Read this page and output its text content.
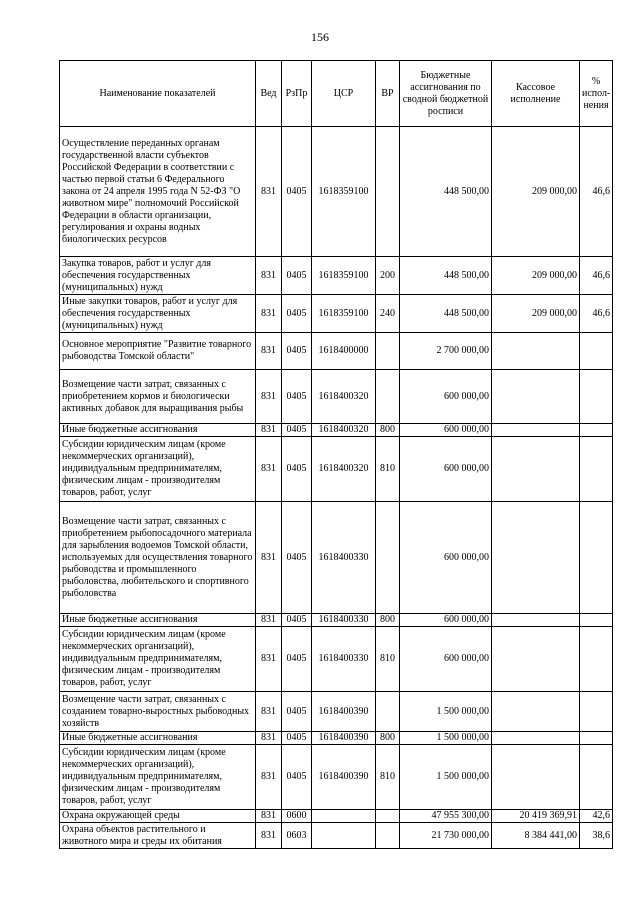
156
Наименование показателей	Вед	РзПр	ЦСР	ВР	Бюджетные ассигнования по сводной бюджетной росписи	Кассовое исполнение	% испол-нения
Осуществление переданных органам государственной власти субъектов Российской Федерации в соответствии с частью первой статьи 6 Федерального закона от 24 апреля 1995 года N 52-ФЗ "О животном мире" полномочий Российской Федерации в области организации, регулирования и охраны водных биологических ресурсов	831	0405	1618359100		448 500,00	209 000,00	46,6
Закупка товаров, работ и услуг для обеспечения государственных (муниципальных) нужд	831	0405	1618359100	200	448 500,00	209 000,00	46,6
Иные закупки товаров, работ и услуг для обеспечения государственных (муниципальных) нужд	831	0405	1618359100	240	448 500,00	209 000,00	46,6
Основное мероприятие "Развитие товарного рыбоводства Томской области"	831	0405	1618400000		2 700 000,00		
Возмещение части затрат, связанных с приобретением кормов и биологически активных добавок для выращивания рыбы	831	0405	1618400320		600 000,00		
Иные бюджетные ассигнования	831	0405	1618400320	800	600 000,00		
Субсидии юридическим лицам (кроме некоммерческих организаций), индивидуальным предпринимателям, физическим лицам - производителям товаров, работ, услуг	831	0405	1618400320	810	600 000,00		
Возмещение части затрат, связанных с приобретением рыбопосадочного материала для зарыбления водоемов Томской области, используемых для осуществления товарного рыбоводства и промышленного рыболовства, любительского и спортивного рыболовства	831	0405	1618400330		600 000,00		
Иные бюджетные ассигнования	831	0405	1618400330	800	600 000,00		
Субсидии юридическим лицам (кроме некоммерческих организаций), индивидуальным предпринимателям, физическим лицам - производителям товаров, работ, услуг	831	0405	1618400330	810	600 000,00		
Возмещение части затрат, связанных с созданием товарно-выростных рыбоводных хозяйств	831	0405	1618400390		1 500 000,00		
Иные бюджетные ассигнования	831	0405	1618400390	800	1 500 000,00		
Субсидии юридическим лицам (кроме некоммерческих организаций), индивидуальным предпринимателям, физическим лицам - производителям товаров, работ, услуг	831	0405	1618400390	810	1 500 000,00		
Охрана окружающей среды	831	0600			47 955 300,00	20 419 369,91	42,6
Охрана объектов растительного и животного мира и среды их обитания	831	0603			21 730 000,00	8 384 441,00	38,6
